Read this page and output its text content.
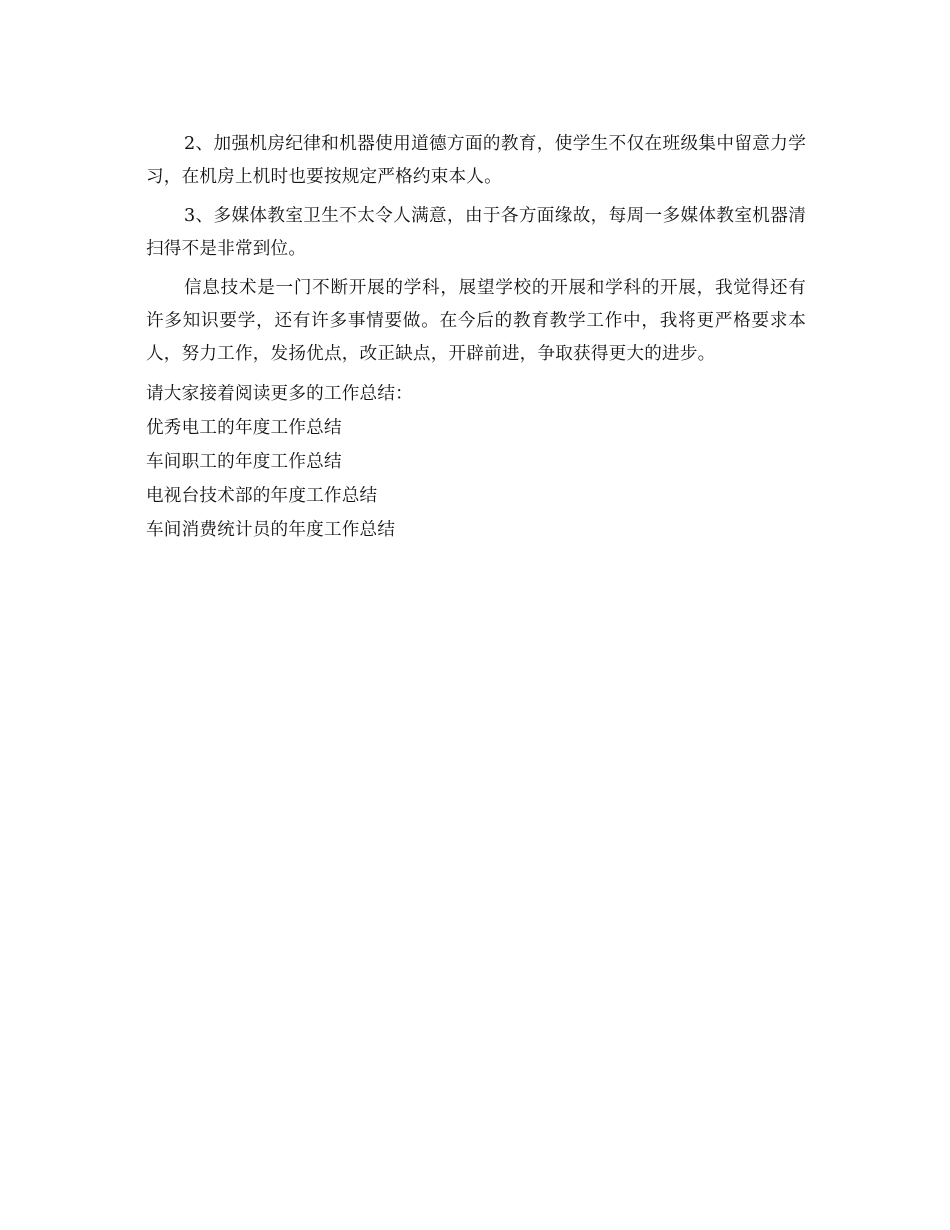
2、加强机房纪律和机器使用道德方面的教育，使学生不仅在班级集中留意力学习，在机房上机时也要按规定严格约束本人。

3、多媒体教室卫生不太令人满意，由于各方面缘故，每周一多媒体教室机器清扫得不是非常到位。

信息技术是一门不断开展的学科，展望学校的开展和学科的开展，我觉得还有许多知识要学，还有许多事情要做。在今后的教育教学工作中，我将更严格要求本人，努力工作，发扬优点，改正缺点，开辟前进，争取获得更大的进步。

请大家接着阅读更多的工作总结：

优秀电工的年度工作总结
车间职工的年度工作总结
电视台技术部的年度工作总结
车间消费统计员的年度工作总结
